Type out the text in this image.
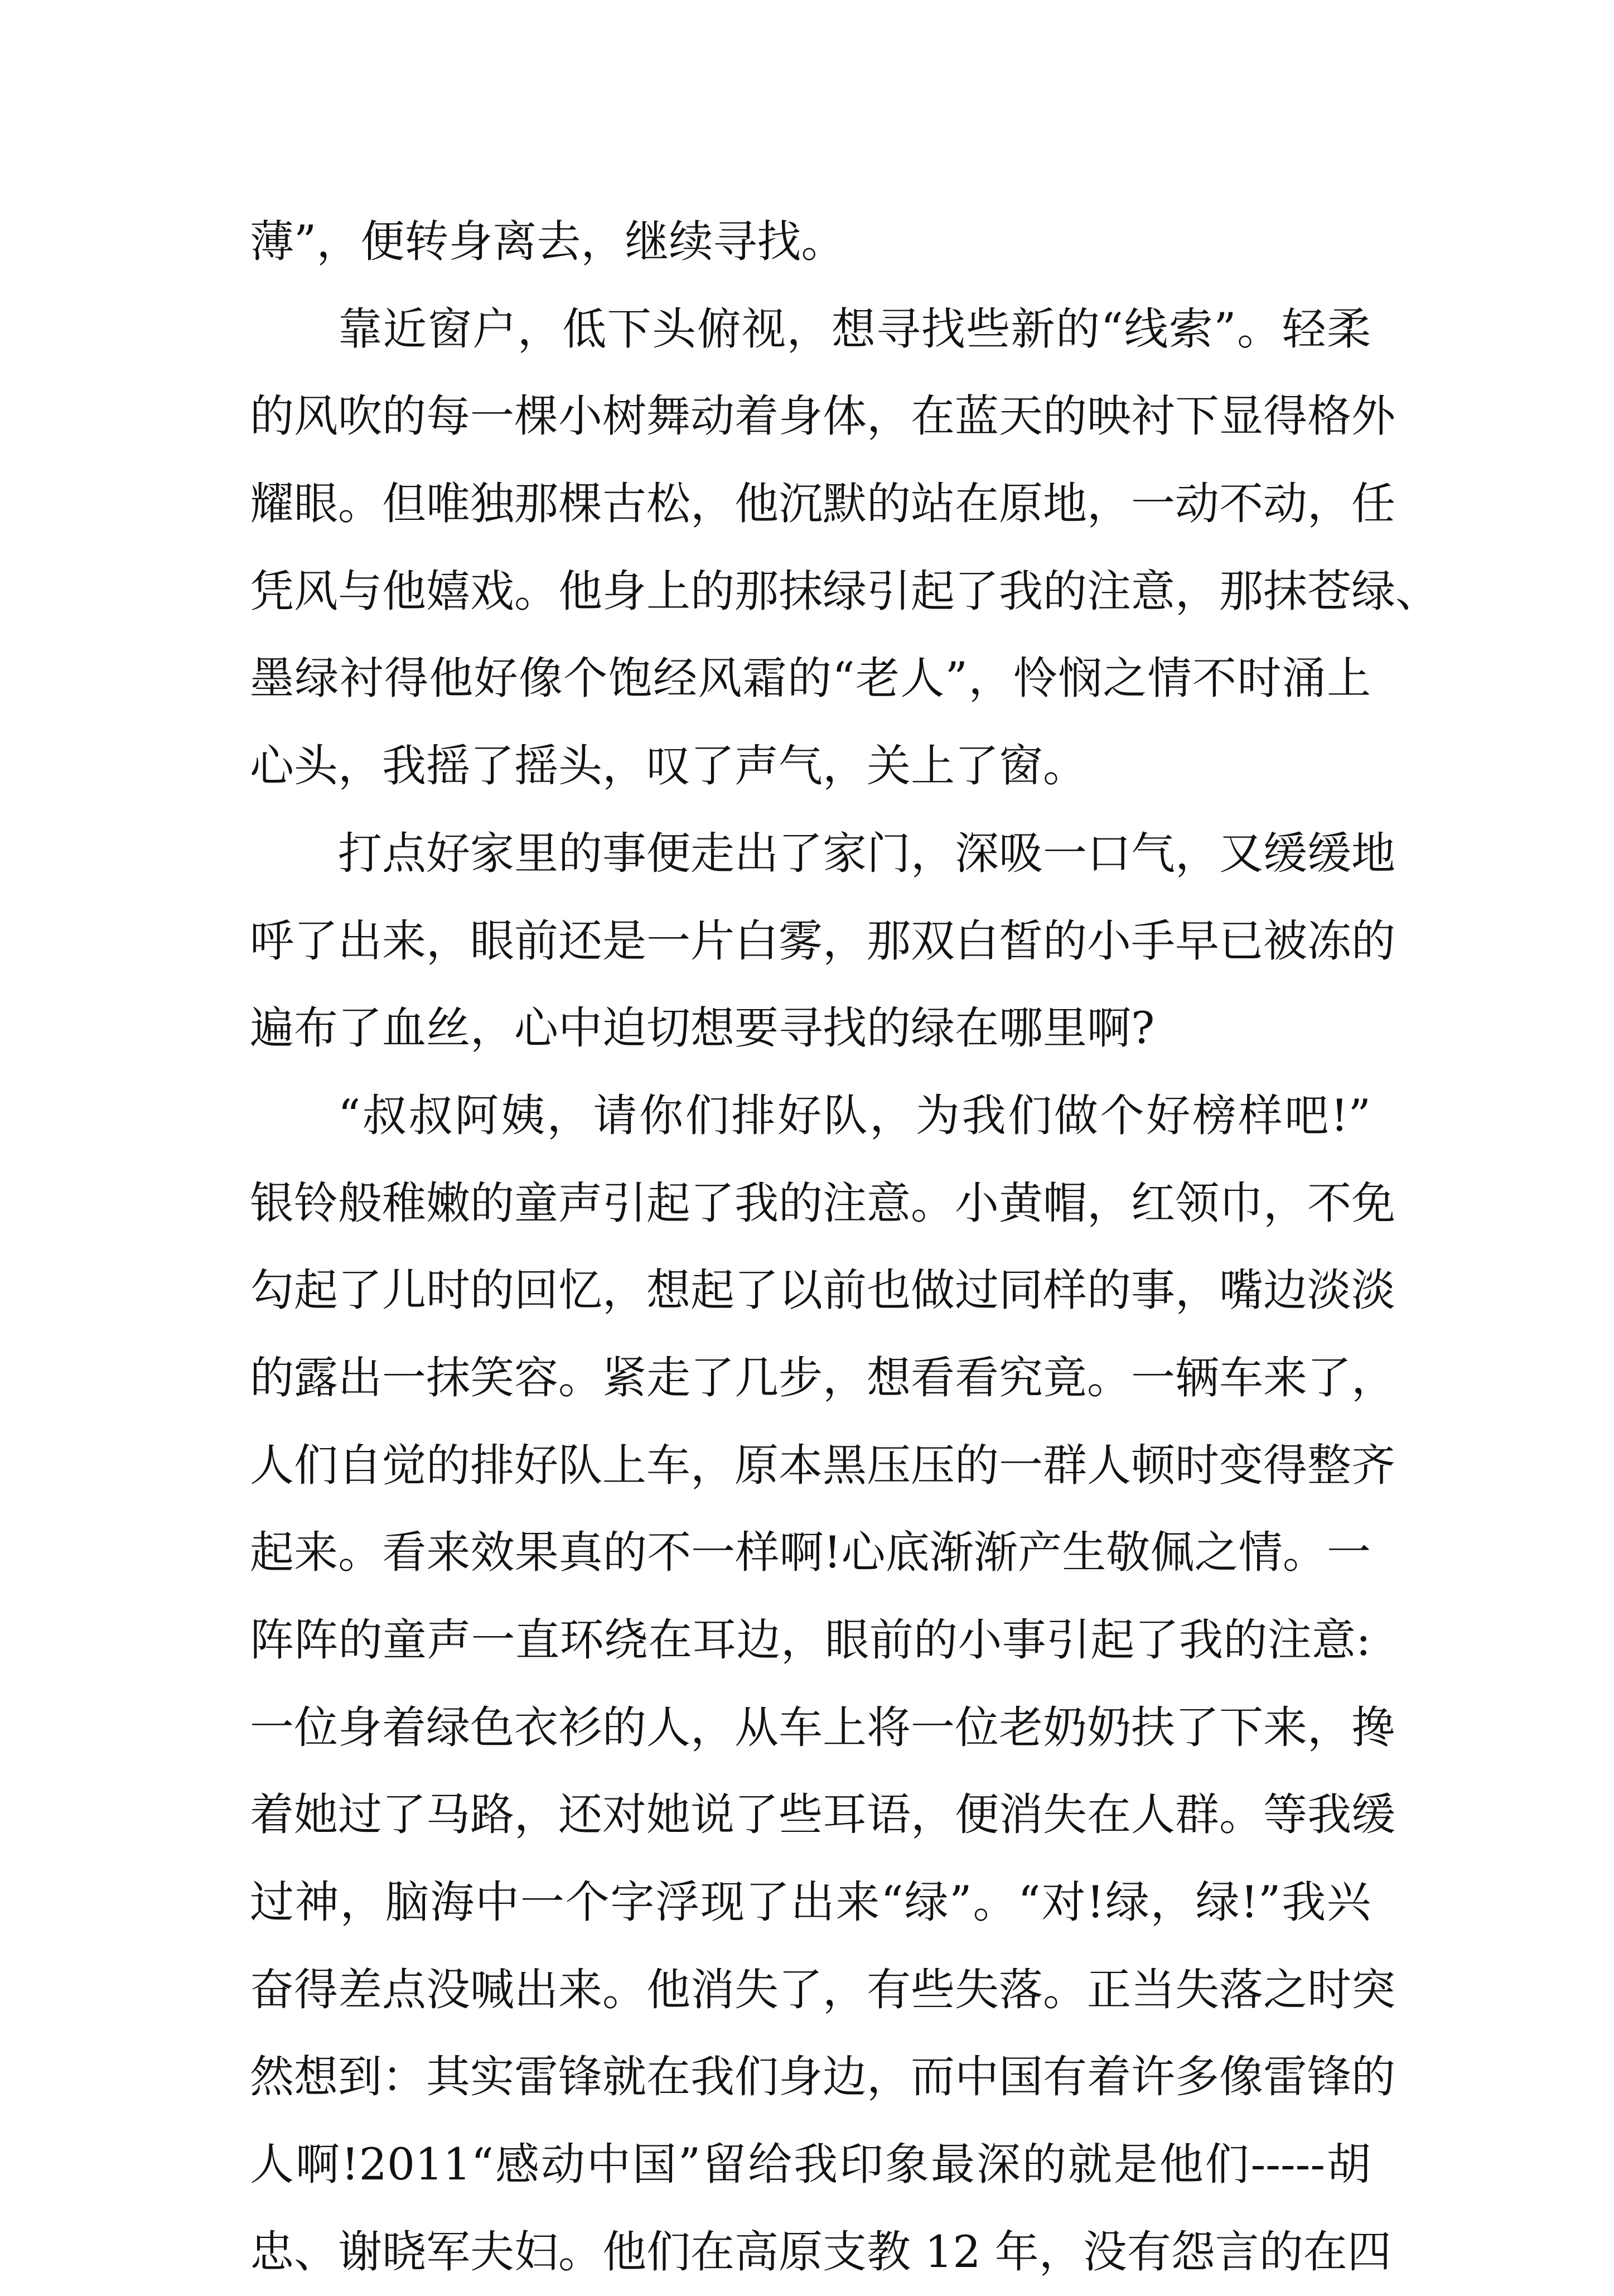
薄”，便转身离去，继续寻找。
靠近窗户，低下头俯视，想寻找些新的“线索”。轻柔
的风吹的每一棵小树舞动着身体，在蓝天的映衬下显得格外
耀眼。但唯独那棵古松，他沉默的站在原地，一动不动，任
凭风与他嬉戏。他身上的那抹绿引起了我的注意，那抹苍绿、
墨绿衬得他好像个饱经风霜的“老人”，怜悯之情不时涌上
心头，我摇了摇头，叹了声气，关上了窗。
打点好家里的事便走出了家门，深吸一口气，又缓缓地
呼了出来，眼前还是一片白雾，那双白皙的小手早已被冻的
遍布了血丝，心中迫切想要寻找的绿在哪里啊?
“叔叔阿姨，请你们排好队，为我们做个好榜样吧!”
银铃般稚嫩的童声引起了我的注意。小黄帽，红领巾，不免
勾起了儿时的回忆，想起了以前也做过同样的事，嘴边淡淡
的露出一抹笑容。紧走了几步，想看看究竟。一辆车来了，
人们自觉的排好队上车，原本黑压压的一群人顿时变得整齐
起来。看来效果真的不一样啊!心底渐渐产生敬佩之情。一
阵阵的童声一直环绕在耳边，眼前的小事引起了我的注意:
一位身着绿色衣衫的人，从车上将一位老奶奶扶了下来，搀
着她过了马路，还对她说了些耳语，便消失在人群。等我缓
过神，脑海中一个字浮现了出来“绿”。“对!绿，绿!”我兴
奋得差点没喊出来。他消失了，有些失落。正当失落之时突
然想到：其实雷锋就在我们身边，而中国有着许多像雷锋的
人啊!2011“感动中国”留给我印象最深的就是他们-----胡
忠、谢晓军夫妇。他们在高原支教 12 年，没有怨言的在四
